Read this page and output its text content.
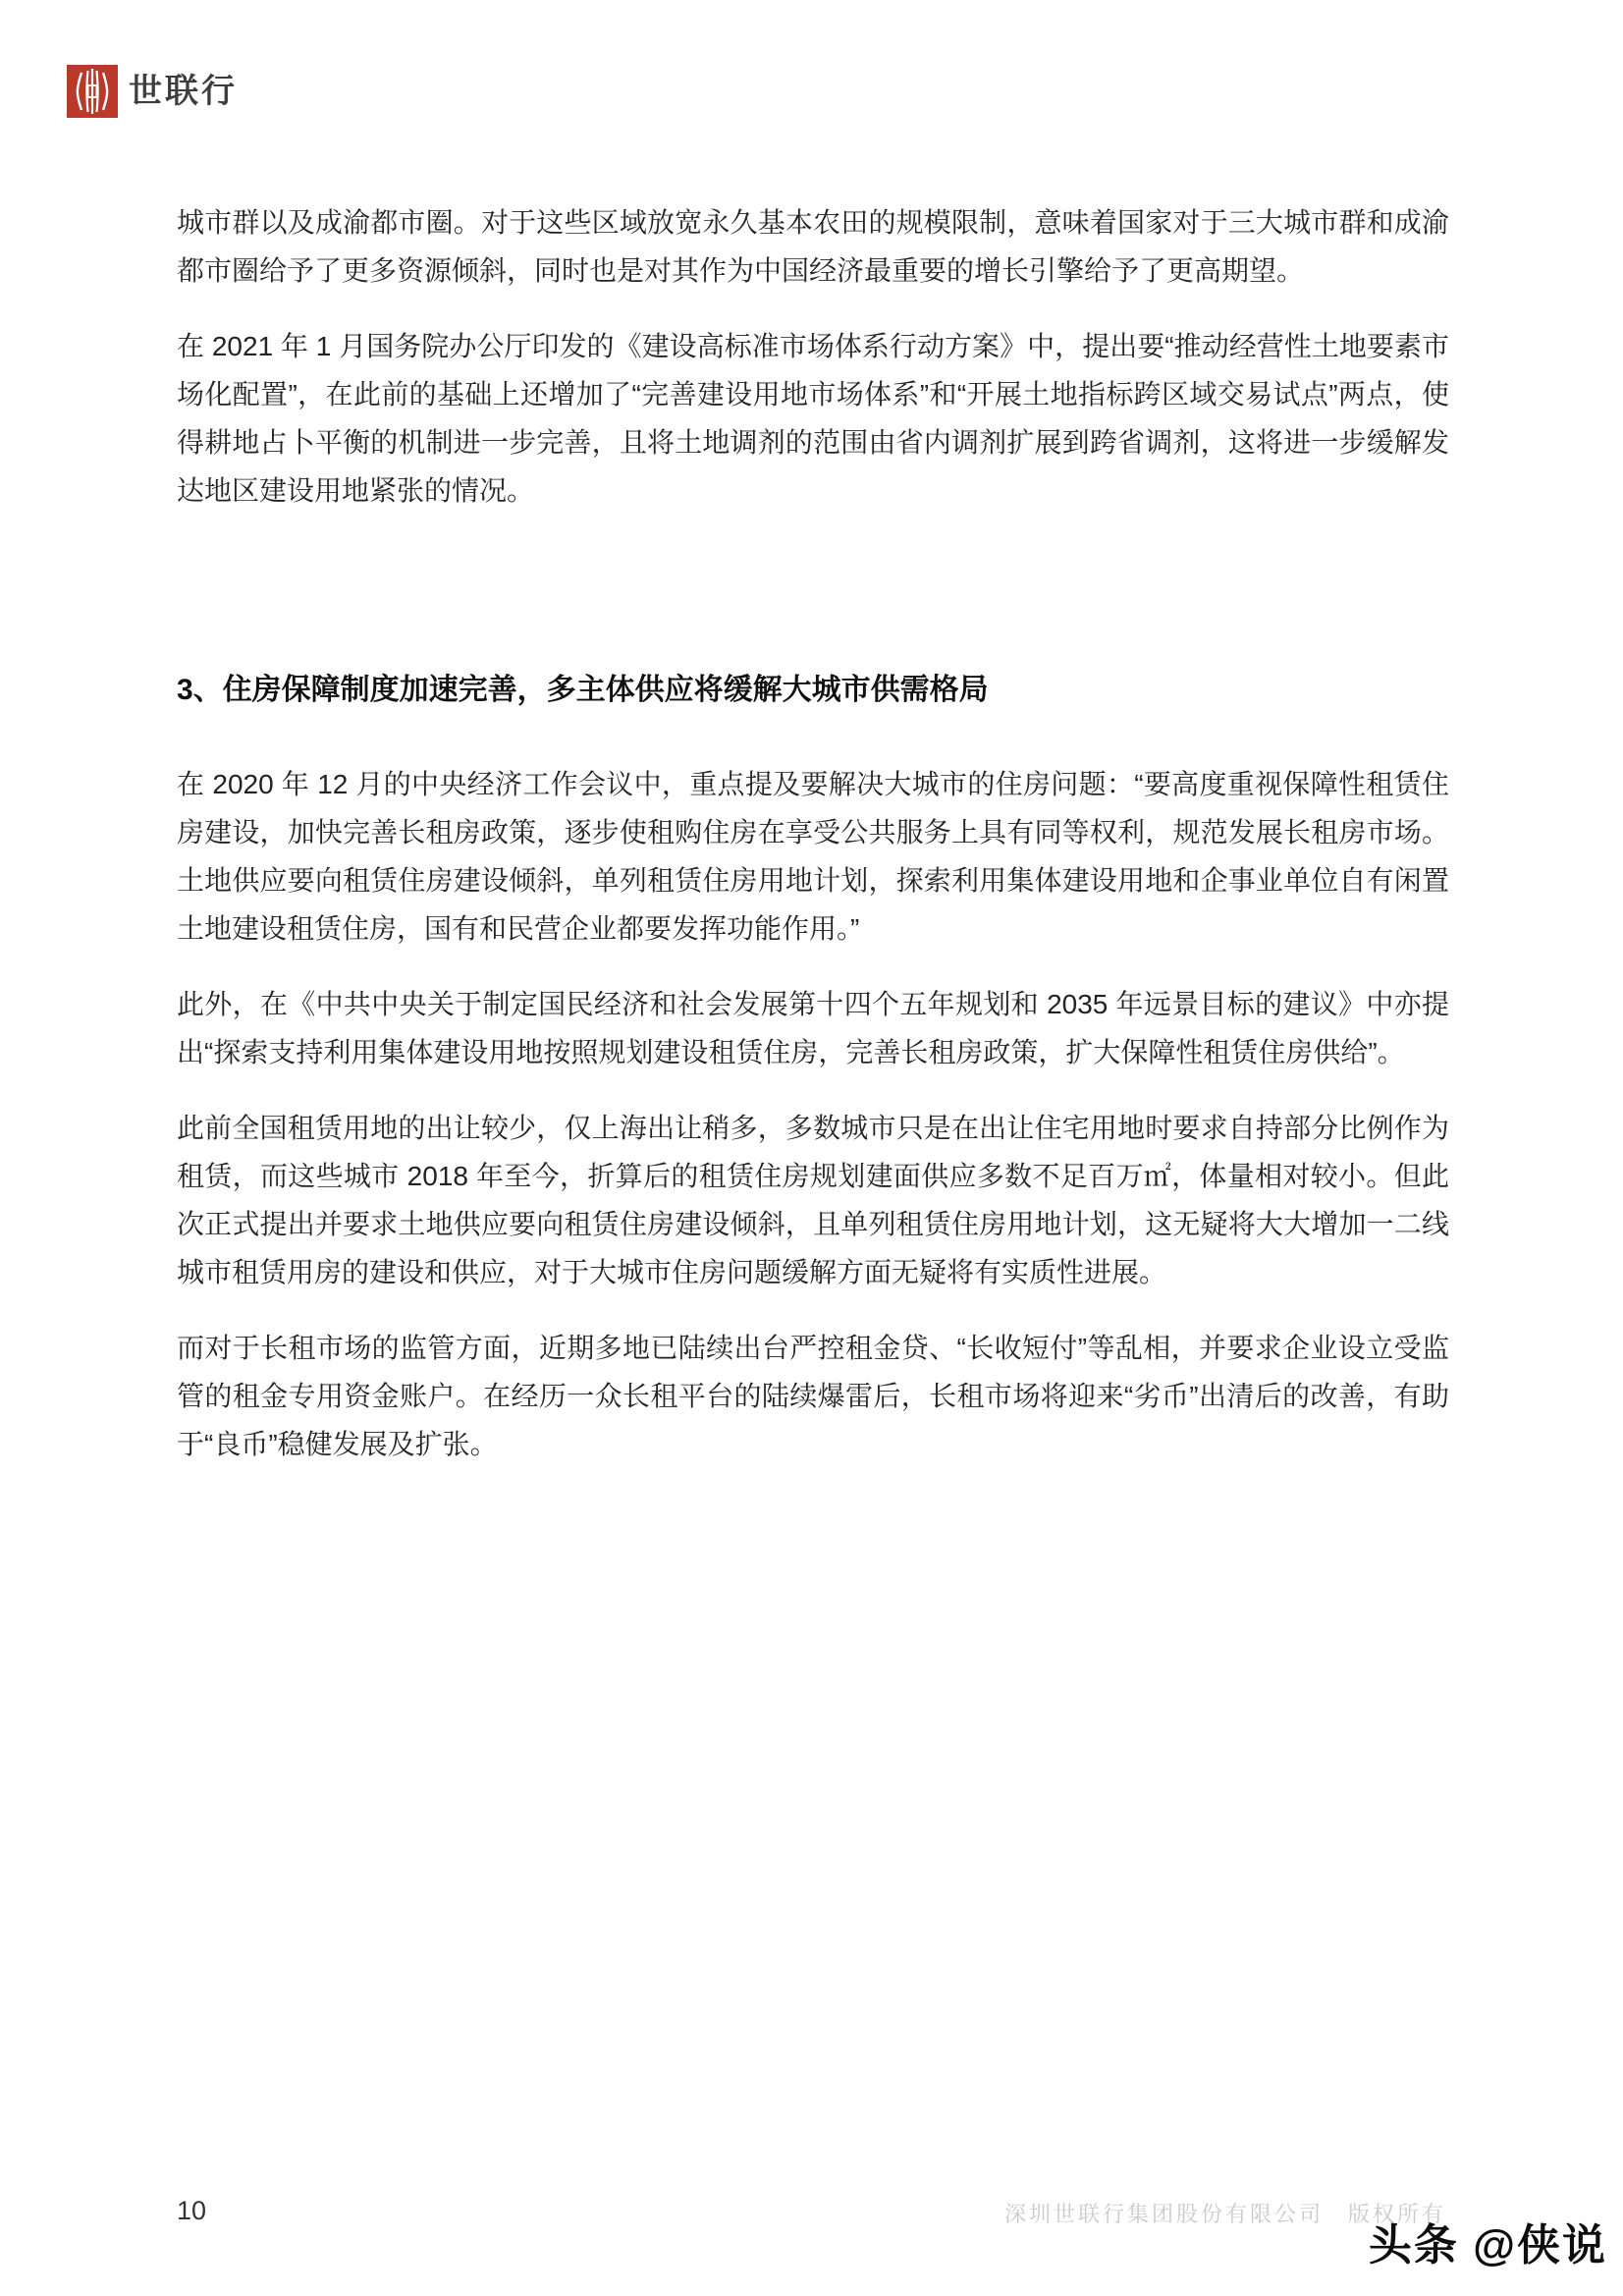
世联行

城市群以及成渝都市圈。对于这些区域放宽永久基本农田的规模限制，意味着国家对于三大城市群和成渝都市圈给予了更多资源倾斜，同时也是对其作为中国经济最重要的增长引擎给予了更高期望。

在 2021 年 1 月国务院办公厅印发的《建设高标准市场体系行动方案》中，提出要“推动经营性土地要素市场化配置”，在此前的基础上还增加了“完善建设用地市场体系”和“开展土地指标跨区域交易试点”两点，使得耕地占卜平衡的机制进一步完善，且将土地调剂的范围由省内调剂扩展到跨省调剂，这将进一步缓解发达地区建设用地紧张的情况。

3、住房保障制度加速完善，多主体供应将缓解大城市供需格局

在 2020 年 12 月的中央经济工作会议中，重点提及要解决大城市的住房问题：“要高度重视保障性租赁住房建设，加快完善长租房政策，逐步使租购住房在享受公共服务上具有同等权利，规范发展长租房市场。土地供应要向租赁住房建设倾斜，单列租赁住房用地计划，探索利用集体建设用地和企事业单位自有闲置土地建设租赁住房，国有和民营企业都要发挥功能作用。”

此外，在《中共中央关于制定国民经济和社会发展第十四个五年规划和 2035 年远景目标的建议》中亦提出“探索支持利用集体建设用地按照规划建设租赁住房，完善长租房政策，扩大保障性租赁住房供给”。

此前全国租赁用地的出让较少，仅上海出让稍多，多数城市只是在出让住宅用地时要求自持部分比例作为租赁，而这些城市 2018 年至今，折算后的租赁住房规划建面供应多数不足百万㎡，体量相对较小。但此次正式提出并要求土地供应要向租赁住房建设倾斜，且单列租赁住房用地计划，这无疑将大大增加一二线城市租赁用房的建设和供应，对于大城市住房问题缓解方面无疑将有实质性进展。

而对于长租市场的监管方面，近期多地已陆续出台严控租金贷、“长收短付”等乱相，并要求企业设立受监管的租金专用资金账户。在经历一众长租平台的陆续爆雷后，长租市场将迎来“劣币”出清后的改善，有助于“良币”稳健发展及扩张。

10	深圳世联行集团股份有限公司　版权所有
头条 @侠说
